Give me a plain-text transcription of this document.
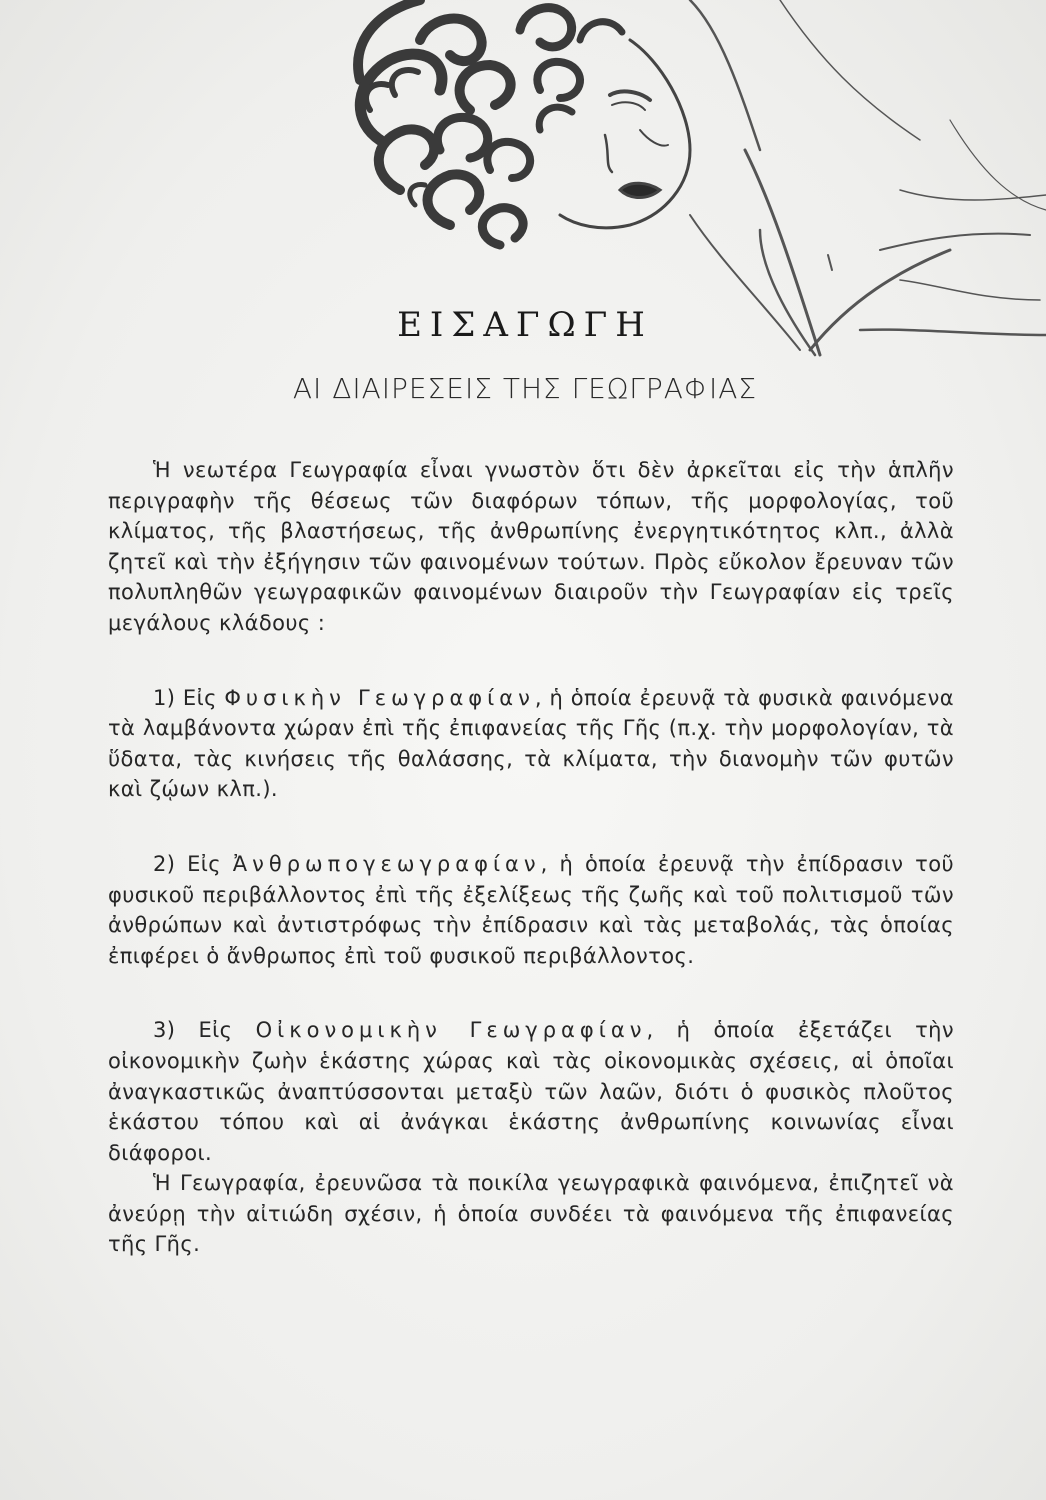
ΕΙΣΑΓΩΓΗ
ΑΙ ΔΙΑΙΡΕΣΕΙΣ ΤΗΣ ΓΕΩΓΡΑΦΙΑΣ

Ἡ νεωτέρα Γεωγραφία εἶναι γνωστὸν ὅτι δὲν ἀρκεῖται εἰς τὴν ἁπλῆν περιγραφὴν τῆς θέσεως τῶν διαφόρων τόπων, τῆς μορφολογίας, τοῦ κλίματος, τῆς βλαστήσεως, τῆς ἀνθρωπίνης ἐνεργητικότητος κλπ., ἀλλὰ ζητεῖ καὶ τὴν ἐξήγησιν τῶν φαινομένων τούτων. Πρὸς εὔκολον ἔρευναν τῶν πολυπληθῶν γεωγραφικῶν φαινομένων διαιροῦν τὴν Γεωγραφίαν εἰς τρεῖς μεγάλους κλάδους :

1) Εἰς Φυσικὴν Γεωγραφίαν, ἡ ὁποία ἐρευνᾷ τὰ φυσικὰ φαινόμενα τὰ λαμβάνοντα χώραν ἐπὶ τῆς ἐπιφανείας τῆς Γῆς (π.χ. τὴν μορφολογίαν, τὰ ὕδατα, τὰς κινήσεις τῆς θαλάσσης, τὰ κλίματα, τὴν διανομὴν τῶν φυτῶν καὶ ζῴων κλπ.).

2) Εἰς Ἀνθρωπογεωγραφίαν, ἡ ὁποία ἐρευνᾷ τὴν ἐπίδρασιν τοῦ φυσικοῦ περιβάλλοντος ἐπὶ τῆς ἐξελίξεως τῆς ζωῆς καὶ τοῦ πολιτισμοῦ τῶν ἀνθρώπων καὶ ἀντιστρόφως τὴν ἐπίδρασιν καὶ τὰς μεταβολάς, τὰς ὁποίας ἐπιφέρει ὁ ἄνθρωπος ἐπὶ τοῦ φυσικοῦ περιβάλλοντος.

3) Εἰς Οἰκονομικὴν Γεωγραφίαν, ἡ ὁποία ἐξετάζει τὴν οἰκονομικὴν ζωὴν ἑκάστης χώρας καὶ τὰς οἰκονομικὰς σχέσεις, αἱ ὁποῖαι ἀναγκαστικῶς ἀναπτύσσονται μεταξὺ τῶν λαῶν, διότι ὁ φυσικὸς πλοῦτος ἑκάστου τόπου καὶ αἱ ἀνάγκαι ἑκάστης ἀνθρωπίνης κοινωνίας εἶναι διάφοροι.

Ἡ Γεωγραφία, ἐρευνῶσα τὰ ποικίλα γεωγραφικὰ φαινόμενα, ἐπιζητεῖ νὰ ἀνεύρῃ τὴν αἰτιώδη σχέσιν, ἡ ὁποία συνδέει τὰ φαινόμενα τῆς ἐπιφανείας τῆς Γῆς.
